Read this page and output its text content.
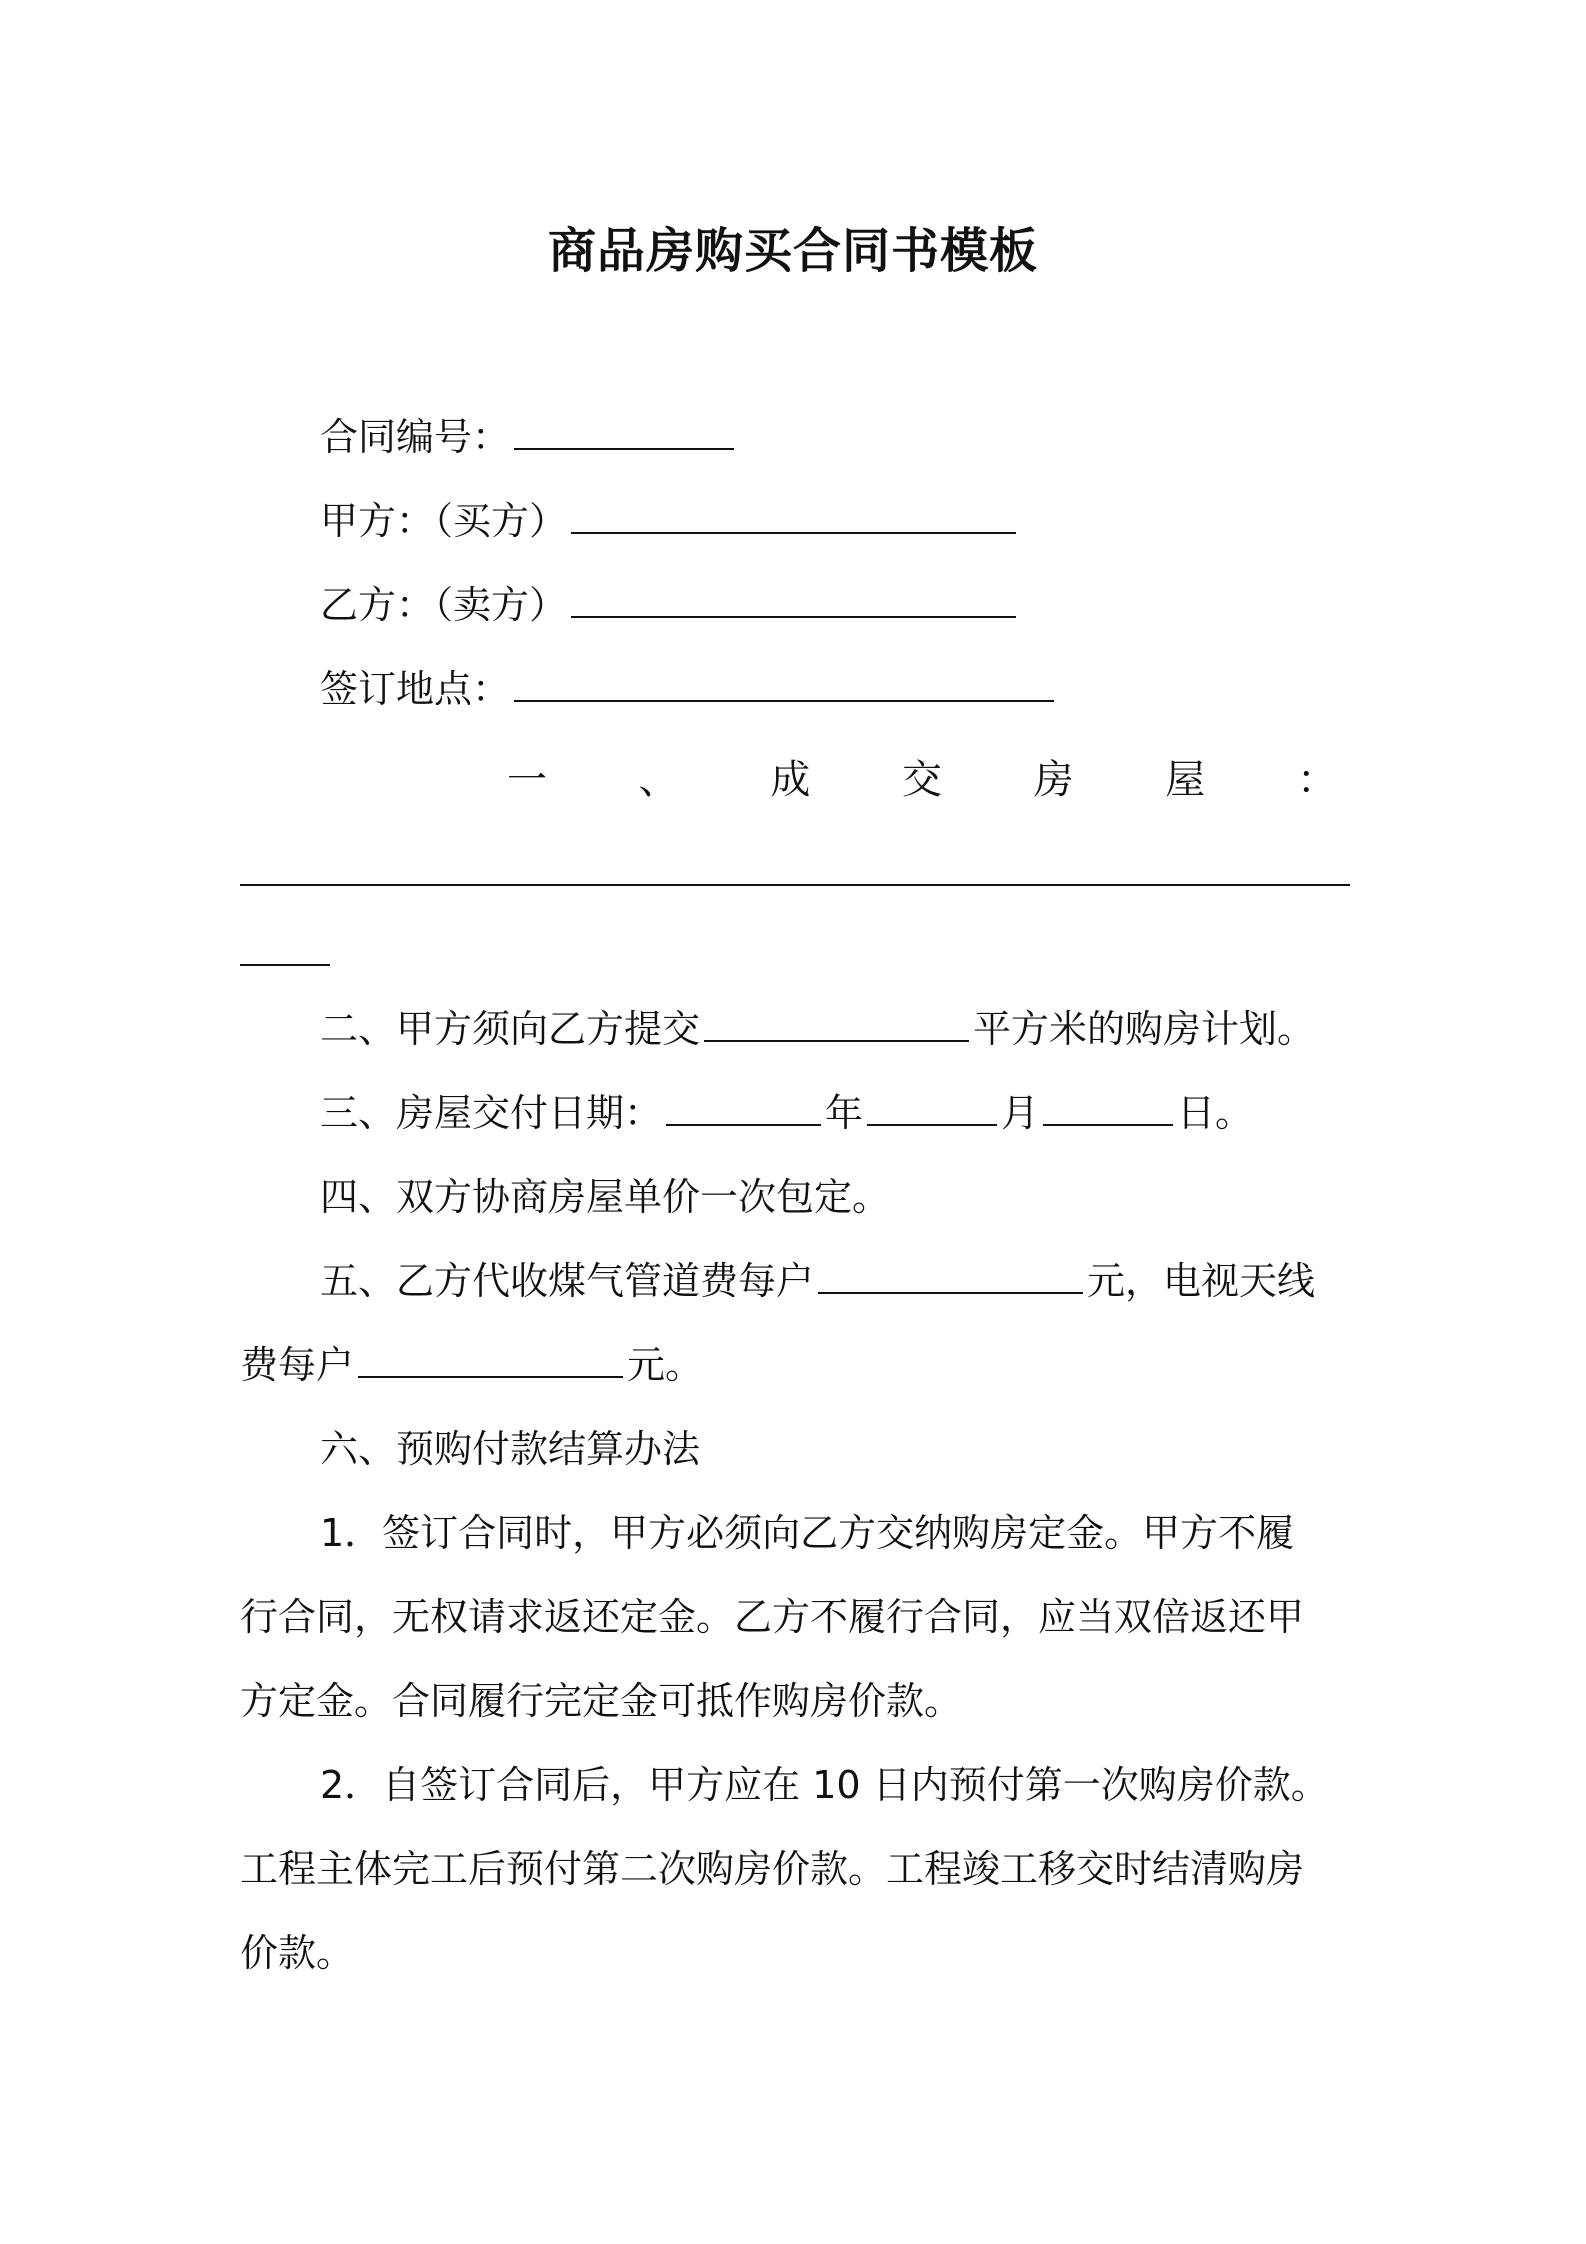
商品房购买合同书模板
合同编号：
甲方：（买方）
乙方：（卖方）
签订地点：
一 、 成 交 房 屋 ：
二、甲方须向乙方提交	平方米的购房计划。
三、房屋交付日期：	年	月	日。
四、双方协商房屋单价一次包定。
五、乙方代收煤气管道费每户	元，电视天线
费每户	元。
六、预购付款结算办法
1．签订合同时，甲方必须向乙方交纳购房定金。甲方不履
行合同，无权请求返还定金。乙方不履行合同，应当双倍返还甲
方定金。合同履行完定金可抵作购房价款。
2．自签订合同后，甲方应在 10 日内预付第一次购房价款。
工程主体完工后预付第二次购房价款。工程竣工移交时结清购房
价款。
